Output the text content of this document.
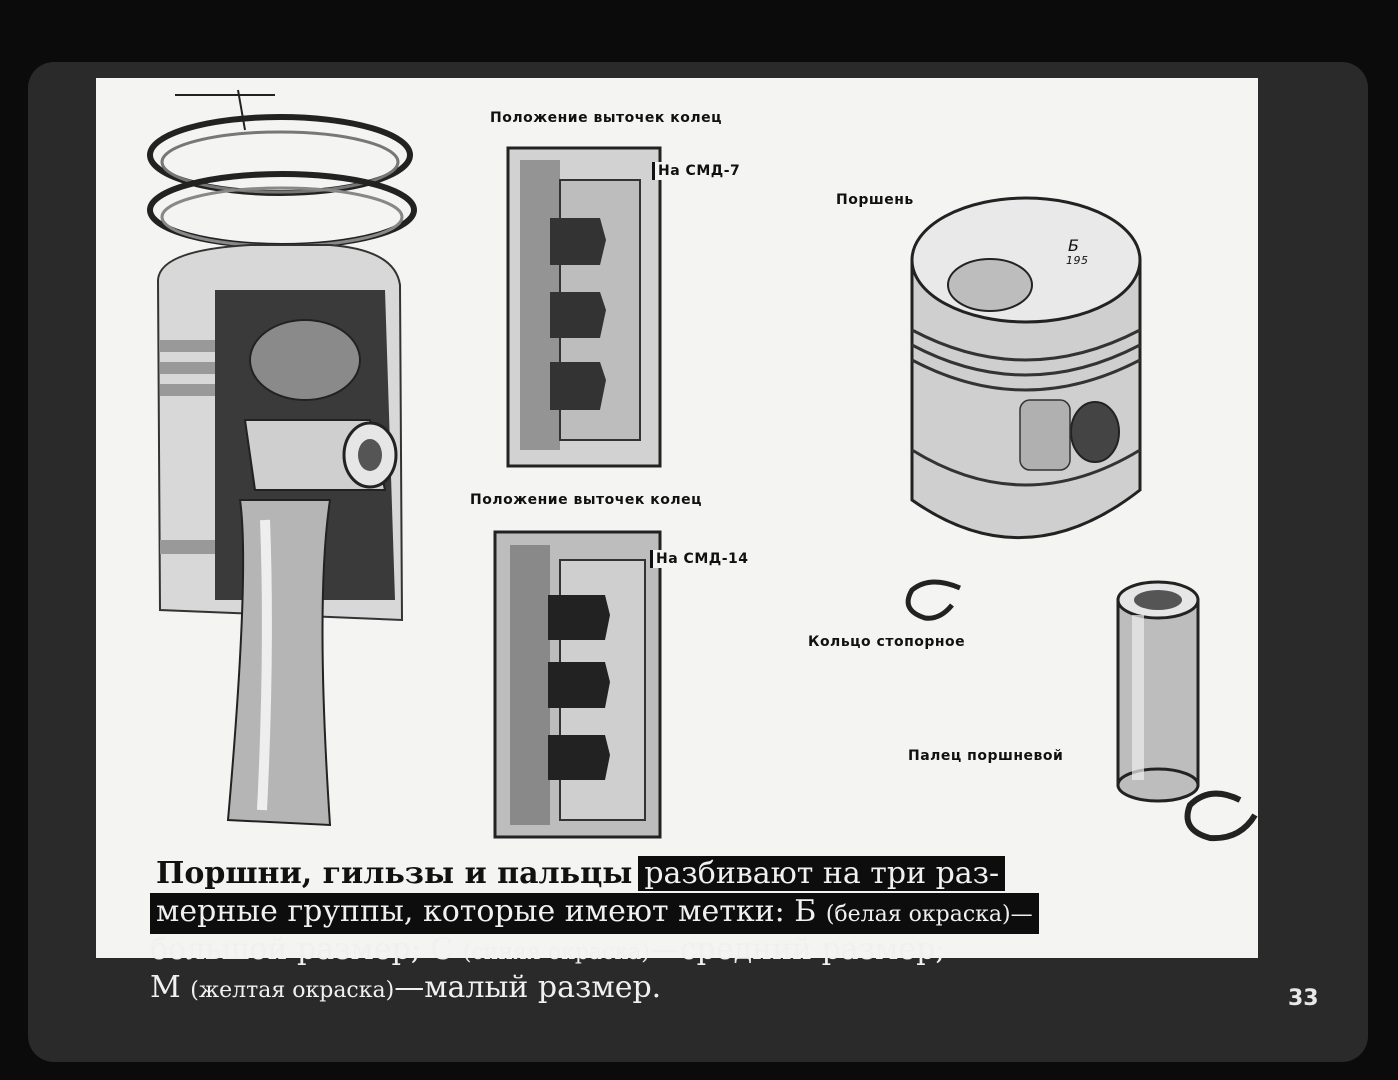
Положение выточек колец
На СМД-7
Положение выточек колец
На СМД-14
Поршень
Б
195
Кольцо стопорное
Палец поршневой
Поршни, гильзы и пальцы разбивают на три раз-
мерные группы, которые имеют метки: Б (белая окраска)—
большой размер; С (синяя окраска)—средний размер;
М (желтая окраска)—малый размер.	33
